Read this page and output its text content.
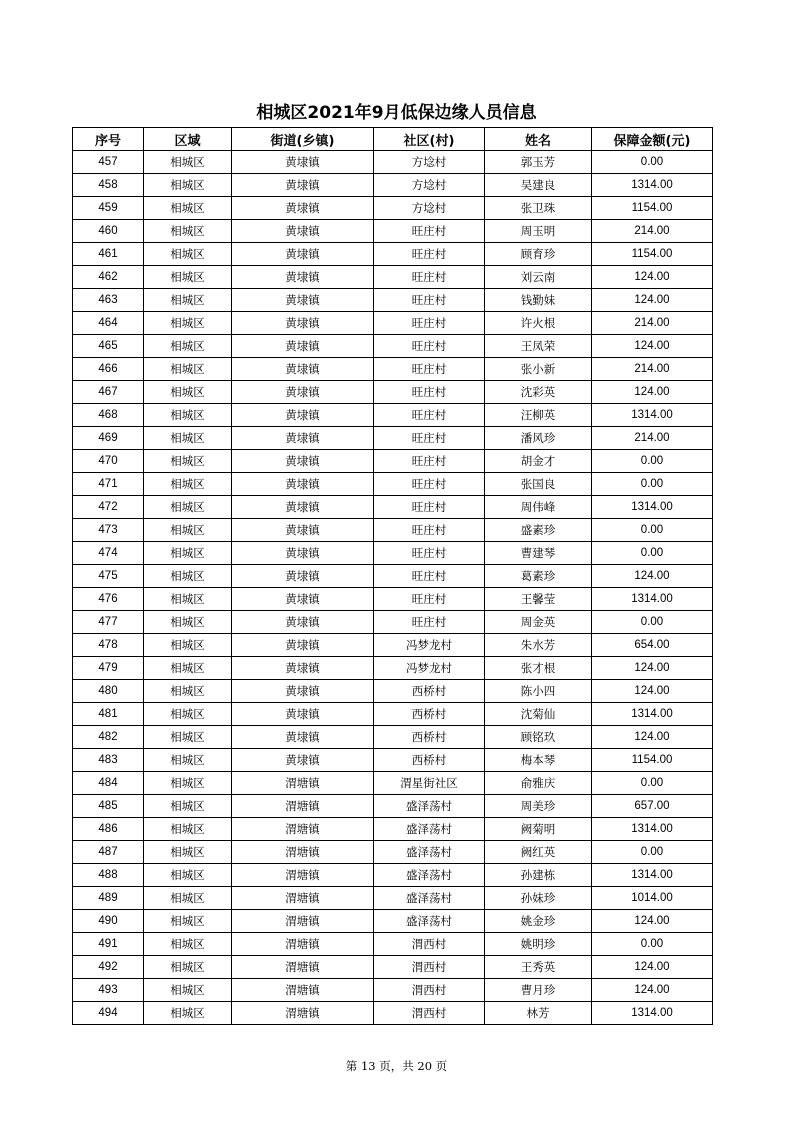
相城区2021年9月低保边缘人员信息
序号	区域	街道(乡镇)	社区(村)	姓名	保障金额(元)
457	相城区	黄埭镇	方埝村	郭玉芳	0.00
458	相城区	黄埭镇	方埝村	吴建良	1314.00
459	相城区	黄埭镇	方埝村	张卫珠	1154.00
460	相城区	黄埭镇	旺庄村	周玉明	214.00
461	相城区	黄埭镇	旺庄村	顾育珍	1154.00
462	相城区	黄埭镇	旺庄村	刘云南	124.00
463	相城区	黄埭镇	旺庄村	钱勤妹	124.00
464	相城区	黄埭镇	旺庄村	许火根	214.00
465	相城区	黄埭镇	旺庄村	王凤荣	124.00
466	相城区	黄埭镇	旺庄村	张小新	214.00
467	相城区	黄埭镇	旺庄村	沈彩英	124.00
468	相城区	黄埭镇	旺庄村	汪柳英	1314.00
469	相城区	黄埭镇	旺庄村	潘风珍	214.00
470	相城区	黄埭镇	旺庄村	胡金才	0.00
471	相城区	黄埭镇	旺庄村	张国良	0.00
472	相城区	黄埭镇	旺庄村	周伟峰	1314.00
473	相城区	黄埭镇	旺庄村	盛素珍	0.00
474	相城区	黄埭镇	旺庄村	曹建琴	0.00
475	相城区	黄埭镇	旺庄村	葛素珍	124.00
476	相城区	黄埭镇	旺庄村	王馨莹	1314.00
477	相城区	黄埭镇	旺庄村	周金英	0.00
478	相城区	黄埭镇	冯梦龙村	朱水芳	654.00
479	相城区	黄埭镇	冯梦龙村	张才根	124.00
480	相城区	黄埭镇	西桥村	陈小四	124.00
481	相城区	黄埭镇	西桥村	沈菊仙	1314.00
482	相城区	黄埭镇	西桥村	顾铭玖	124.00
483	相城区	黄埭镇	西桥村	梅本琴	1154.00
484	相城区	渭塘镇	渭星街社区	俞雅庆	0.00
485	相城区	渭塘镇	盛泽荡村	周美珍	657.00
486	相城区	渭塘镇	盛泽荡村	阙菊明	1314.00
487	相城区	渭塘镇	盛泽荡村	阙红英	0.00
488	相城区	渭塘镇	盛泽荡村	孙建栋	1314.00
489	相城区	渭塘镇	盛泽荡村	孙妹珍	1014.00
490	相城区	渭塘镇	盛泽荡村	姚金珍	124.00
491	相城区	渭塘镇	渭西村	姚明珍	0.00
492	相城区	渭塘镇	渭西村	王秀英	124.00
493	相城区	渭塘镇	渭西村	曹月珍	124.00
494	相城区	渭塘镇	渭西村	林芳	1314.00
第 13 页，共 20 页
